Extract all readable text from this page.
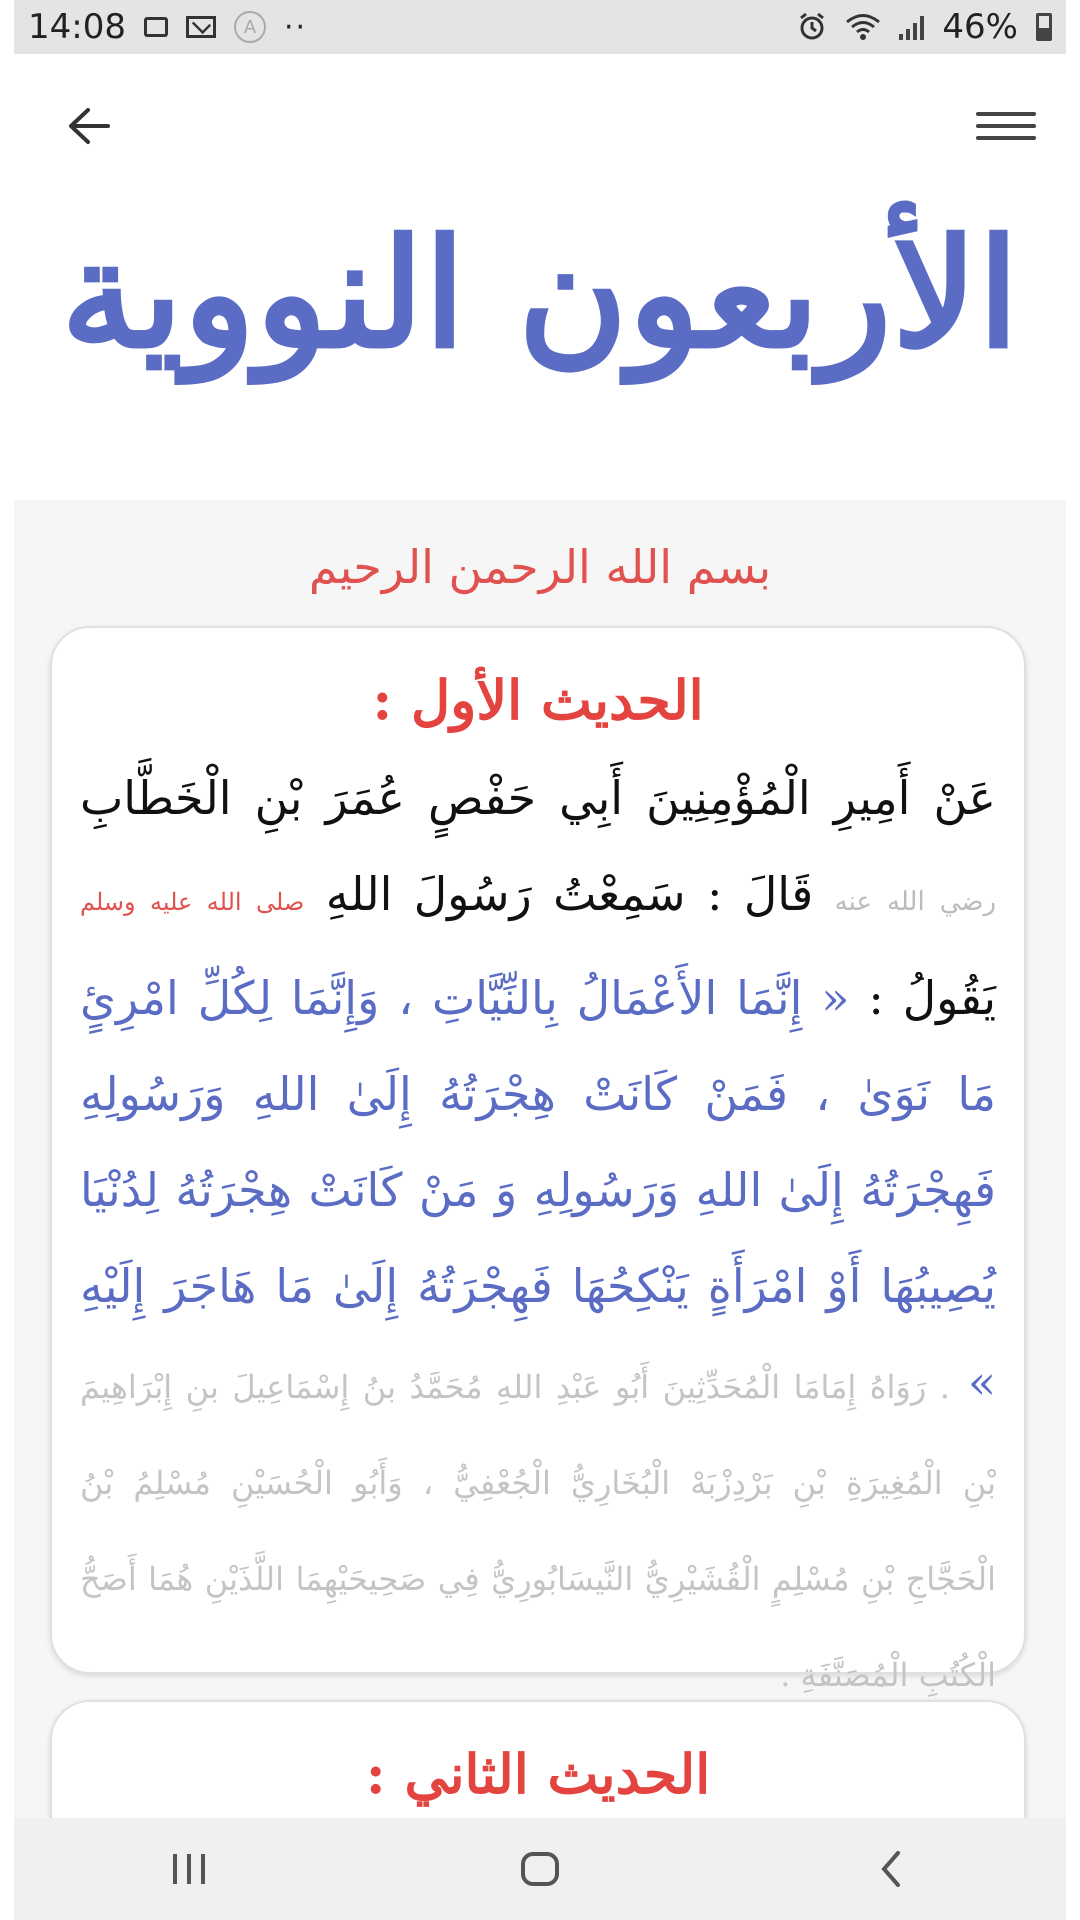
14:08	A ··	46%
الأربعون النووية
بسم الله الرحمن الرحيم
الحديث الأول :

عَنْ أَمِيرِ الْمُؤْمِنِينَ أَبِي حَفْصٍ عُمَرَ بْنِ الْخَطَّابِ رضي الله عنه قَالَ : سَمِعْتُ رَسُولَ اللهِ صلى الله عليه وسلم يَقُولُ : « إِنَّمَا الأَعْمَالُ بِالنِّيَّاتِ ، وَإِنَّمَا لِكُلِّ امْرِئٍ مَا نَوَىٰ ، فَمَنْ كَانَتْ هِجْرَتُهُ إِلَىٰ اللهِ وَرَسُولِهِ فَهِجْرَتُهُ إِلَىٰ اللهِ وَرَسُولِهِ وَ مَنْ كَانَتْ هِجْرَتُهُ لِدُنْيَا يُصِيبُهَا أَوْ امْرَأَةٍ يَنْكِحُهَا فَهِجْرَتُهُ إِلَىٰ مَا هَاجَرَ إِلَيْهِ » . رَوَاهُ إِمَامَا الْمُحَدِّثِينَ أَبُو عَبْدِ اللهِ مُحَمَّدُ بنُ إِسْمَاعِيلَ بنِ إِبْرَاهِيمَ بْنِ الْمُغِيرَةِ بْنِ بَرْدِزْبَهْ الْبُخَارِيُّ الْجُعْفِيُّ ، وَأَبُو الْحُسَيْنِ مُسْلِمُ بْنُ الْحَجَّاجِ بْنِ مُسْلِمٍ الْقُشَيْرِيُّ النَّيسَابُورِيُّ فِي صَحِيحَيْهِمَا اللَّذَيْنِ هُمَا أَصَحُّ الْكُتُبِ الْمُصَنَّفَةِ .

الحديث الثاني :
